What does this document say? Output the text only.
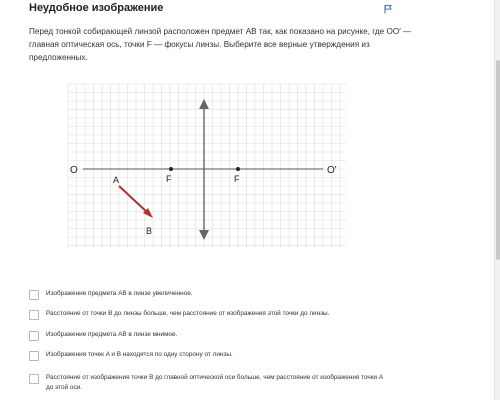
Неудобное изображение
Перед тонкой собирающей линзой расположен предмет AB так, как показано на рисунке, где OO′ — главная оптическая ось, точки F — фокусы линзы. Выберите все верные утверждения из предложенных.
O	O'
F	F
A
B
Изображение предмета AB в линзе увеличенное.
Расстояние от точки B до линзы больше, чем расстояние от изображения этой точки до линзы.
Изображение предмета AB в линзе мнимое.
Изображения точек A и B находятся по одну сторону от линзы.
Расстояние от изображения точки B до главной оптической оси больше, чем расстояние от изображения точки A до этой оси.
